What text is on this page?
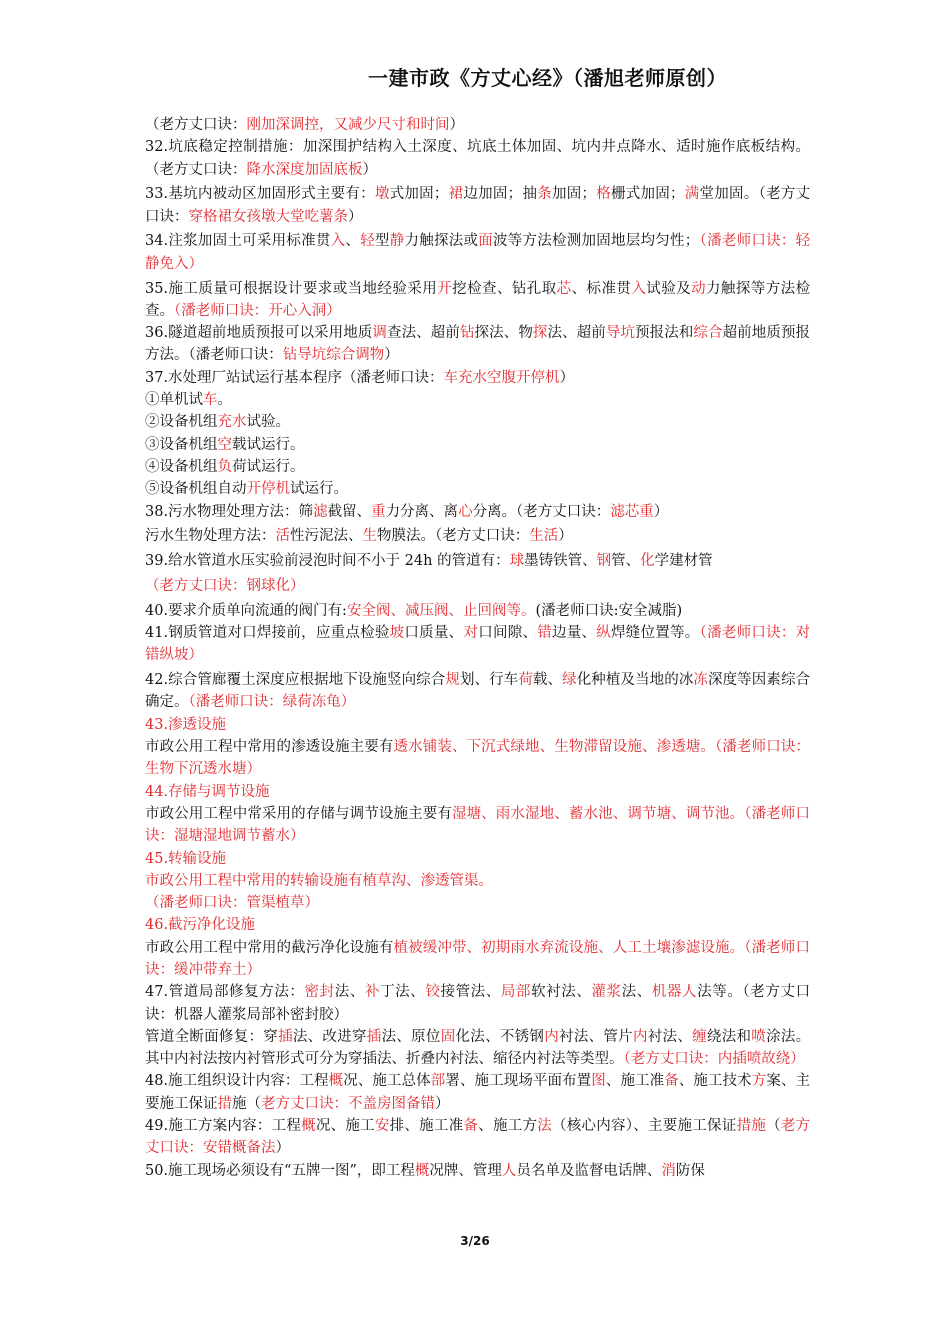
一建市政《方丈心经》（潘旭老师原创）
（老方丈口诀：刚加深调控，又减少尺寸和时间）
32.坑底稳定控制措施：加深围护结构入土深度、坑底土体加固、坑内井点降水、适时施作底板结构。（老方丈口诀：降水深度加固底板）
33.基坑内被动区加固形式主要有：墩式加固；裙边加固；抽条加固；格栅式加固；满堂加固。（老方丈口诀：穿格裙女孩墩大堂吃薯条）
34.注浆加固土可采用标准贯入、轻型静力触探法或面波等方法检测加固地层均匀性；（潘老师口诀：轻静免入）
35.施工质量可根据设计要求或当地经验采用开挖检查、钻孔取芯、标准贯入试验及动力触探等方法检查。（潘老师口诀：开心入洞）
36.隧道超前地质预报可以采用地质调查法、超前钻探法、物探法、超前导坑预报法和综合超前地质预报方法。（潘老师口诀：钻导坑综合调物）
37.水处理厂站试运行基本程序（潘老师口诀：车充水空腹开停机）
①单机试车。
②设备机组充水试验。
③设备机组空载试运行。
④设备机组负荷试运行。
⑤设备机组自动开停机试运行。
38.污水物理处理方法：筛滤截留、重力分离、离心分离。（老方丈口诀：滤芯重）
污水生物处理方法：活性污泥法、生物膜法。（老方丈口诀：生活）
39.给水管道水压实验前浸泡时间不小于 24h 的管道有：球墨铸铁管、钢管、化学建材管
（老方丈口诀：钢球化）
40.要求介质单向流通的阀门有:安全阀、减压阀、止回阀等。(潘老师口诀:安全减脂)
41.钢质管道对口焊接前，应重点检验坡口质量、对口间隙、错边量、纵焊缝位置等。（潘老师口诀：对错纵坡）
42.综合管廊覆土深度应根据地下设施竖向综合规划、行车荷载、绿化种植及当地的冰冻深度等因素综合确定。（潘老师口诀：绿荷冻龟）
43.渗透设施
市政公用工程中常用的渗透设施主要有透水铺装、下沉式绿地、生物滞留设施、渗透塘。（潘老师口诀：生物下沉透水塘）
44.存储与调节设施
市政公用工程中常采用的存储与调节设施主要有湿塘、雨水湿地、蓄水池、调节塘、调节池。（潘老师口诀：湿塘湿地调节蓄水）
45.转输设施
市政公用工程中常用的转输设施有植草沟、渗透管渠。
（潘老师口诀：管渠植草）
46.截污净化设施
市政公用工程中常用的截污净化设施有植被缓冲带、初期雨水弃流设施、人工土壤渗滤设施。（潘老师口诀：缓冲带弃土）
47.管道局部修复方法：密封法、补丁法、铰接管法、局部软衬法、灌浆法、机器人法等。（老方丈口诀：机器人灌浆局部补密封胶）
管道全断面修复：穿插法、改进穿插法、原位固化法、不锈钢内衬法、管片内衬法、缠绕法和喷涂法。其中内衬法按内衬管形式可分为穿插法、折叠内衬法、缩径内衬法等类型。（老方丈口诀：内插喷故绕）
48.施工组织设计内容：工程概况、施工总体部署、施工现场平面布置图、施工准备、施工技术方案、主要施工保证措施（老方丈口诀：不盖房图备错）
49.施工方案内容：工程概况、施工安排、施工准备、施工方法（核心内容）、主要施工保证措施（老方丈口诀：安错概备法）
50.施工现场必须设有“五牌一图”，即工程概况牌、管理人员名单及监督电话牌、消防保
3/26
